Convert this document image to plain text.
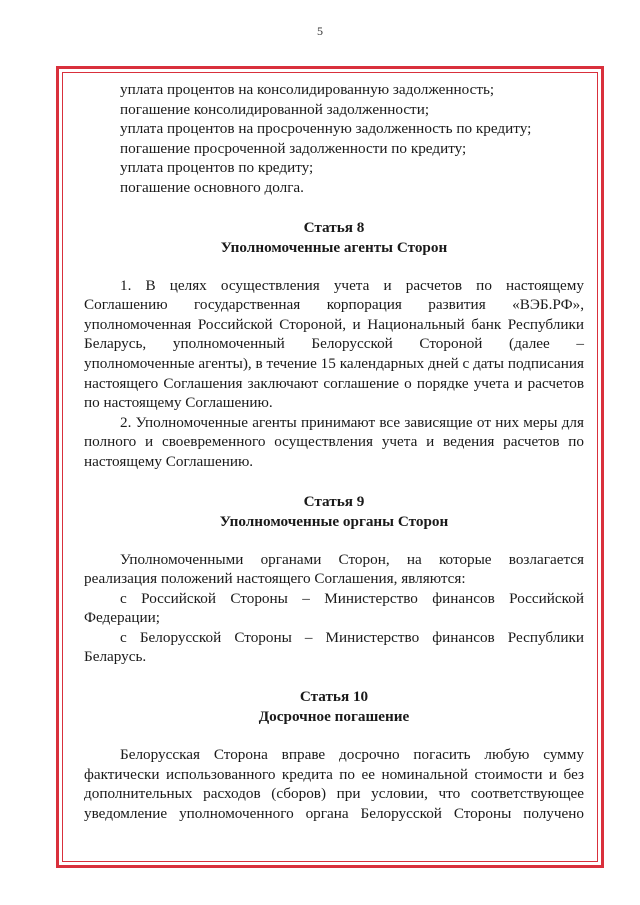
5
уплата процентов на консолидированную задолженность;
погашение консолидированной задолженности;
уплата процентов на просроченную задолженность по кредиту;
погашение просроченной задолженности по кредиту;
уплата процентов по кредиту;
погашение основного долга.
Статья 8
Уполномоченные агенты Сторон
1. В целях осуществления учета и расчетов по настоящему Соглашению государственная корпорация развития «ВЭБ.РФ», уполномоченная Российской Стороной, и Национальный банк Республики Беларусь, уполномоченный Белорусской Стороной (далее – уполномоченные агенты), в течение 15 календарных дней с даты подписания настоящего Соглашения заключают соглашение о порядке учета и расчетов по настоящему Соглашению.
2. Уполномоченные агенты принимают все зависящие от них меры для полного и своевременного осуществления учета и ведения расчетов по настоящему Соглашению.
Статья 9
Уполномоченные органы Сторон
Уполномоченными органами Сторон, на которые возлагается реализация положений настоящего Соглашения, являются:
с Российской Стороны – Министерство финансов Российской Федерации;
с Белорусской Стороны – Министерство финансов Республики Беларусь.
Статья 10
Досрочное погашение
Белорусская Сторона вправе досрочно погасить любую сумму фактически использованного кредита по ее номинальной стоимости и без дополнительных расходов (сборов) при условии, что соответствующее уведомление уполномоченного органа Белорусской Стороны получено
